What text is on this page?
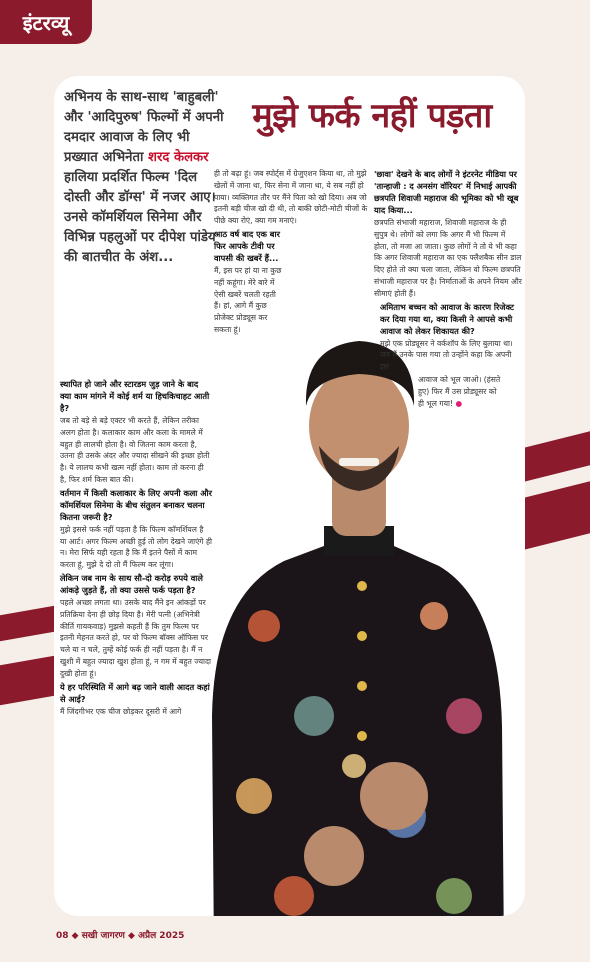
इंटरव्यू
अभिनय के साथ-साथ 'बाहुबली' और 'आदिपुरुष' फिल्मों में अपनी दमदार आवाज के लिए भी प्रख्यात अभिनेता शरद केलकर हालिया प्रदर्शित फिल्म 'दिल दोस्ती और डॉग्स' में नजर आए। उनसे कॉमर्शियल सिनेमा और विभिन्न पहलुओं पर दीपेश पांडेय की बातचीत के अंश...
मुझे फर्क नहीं पड़ता

स्थापित हो जाने और स्टारडम जुड़ जाने के बाद क्या काम मांगने में कोई शर्म या हिचकिचाहट आती है?

जब तो बड़े से बड़े एक्टर भी करते हैं, लेकिन तरीका अलग होता है। कलाकार काम और कला के मामले में बहुत ही लालची होता है। वो जितना काम करता है, उतना ही उसके अंदर और ज्यादा सीखने की इच्छा होती है। ये लालच कभी खत्म नहीं होता। काम तो करना ही है, फिर शर्म किस बात की।

वर्तमान में किसी कलाकार के लिए अपनी कला और कॉमर्शियल सिनेमा के बीच संतुलन बनाकर चलना कितना जरूरी है?

मुझे इससे फर्क नहीं पड़ता है कि फिल्म कॉमर्शियल है या आर्ट। अगर फिल्म अच्छी हुई तो लोग देखने जाएंगे ही न। मेरा सिर्फ यही रहता है कि मैं इतने पैसों में काम करता हूं, मुझे दे दो तो मैं फिल्म कर लूंगा।

लेकिन जब नाम के साथ सौ-दो करोड़ रुपये वाले आंकड़े जुड़ते हैं, तो क्या उससे फर्क पड़ता है?

पहले अच्छा लगता था। उसके बाद मैंने इन आंकड़ों पर प्रतिक्रिया देना ही छोड़ दिया है। मेरी पत्नी (अभिनेत्री कीर्ति गायकवाड़) मुझसे कहती हैं कि तुम फिल्म पर इतनी मेहनत करते हो, पर वो फिल्म बॉक्स ऑफिस पर चले या न चले, तुम्हें कोई फर्क ही नहीं पड़ता है। मैं न खुशी में बहुत ज्यादा खुश होता हूं, न गम में बहुत ज्यादा दुखी होता हूं।

ये हर परिस्थिति में आगे बढ़ जाने वाली आदत कहां से आई?

मैं जिंदगीभर एक चीज छोड़कर दूसरी में आगे

ही तो बढ़ा हूं। जब स्पोर्ट्स में ग्रेजुएशन किया था, तो मुझे खेलों में जाना था, फिर सेना में जाना था, ये सब नहीं हो पाया। व्यक्तिगत तौर पर मैंने पिता को खो दिया। अब जो इतनी बड़ी चीज खो दी थी, तो बाकी छोटी-मोटी चीजों के पीछे क्या रोएं, क्या गम मनाएं।

आठ वर्ष बाद एक बार फिर आपके टीवी पर वापसी की खबरें हैं...

मैं, इस पर हां या ना कुछ नहीं कहूंगा। मेरे बारे में ऐसी खबरें चलती रहती हैं। हां, आगे मैं कुछ प्रोजेक्ट प्रोड्यूस कर सकता हूं।

'छावा' देखने के बाद लोगों ने इंटरनेट मीडिया पर 'तान्हाजी : द अनसंग वॉरियर' में निभाई आपकी छत्रपति शिवाजी महाराज की भूमिका को भी खूब याद किया...

छत्रपति संभाजी महाराज, शिवाजी महाराज के ही सुपुत्र थे। लोगों को लगा कि अगर मैं भी फिल्म में होता, तो मजा आ जाता। कुछ लोगों ने तो ये भी कहा कि अगर शिवाजी महाराज का एक फ्लैशबैक सीन डाल दिए होते तो क्या चला जाता, लेकिन वो फिल्म छत्रपति संभाजी महाराज पर है। निर्माताओं के अपने नियम और सीमाएं होती हैं।

अमिताभ बच्चन को आवाज के कारण रिजेक्ट कर दिया गया था, क्या किसी ने आपसे कभी आवाज को लेकर शिकायत की?

मुझे एक प्रोड्यूसर ने वर्कशॉप के लिए बुलाया था। जब मैं उनके पास गया तो उन्होंने कहा कि अपनी इस

आवाज को भूल जाओ। (हंसते हुए) फिर मैं उस प्रोड्यूसर को ही भूल गया! ●

08 ◆ सखी जागरण ◆ अप्रैल 2025
